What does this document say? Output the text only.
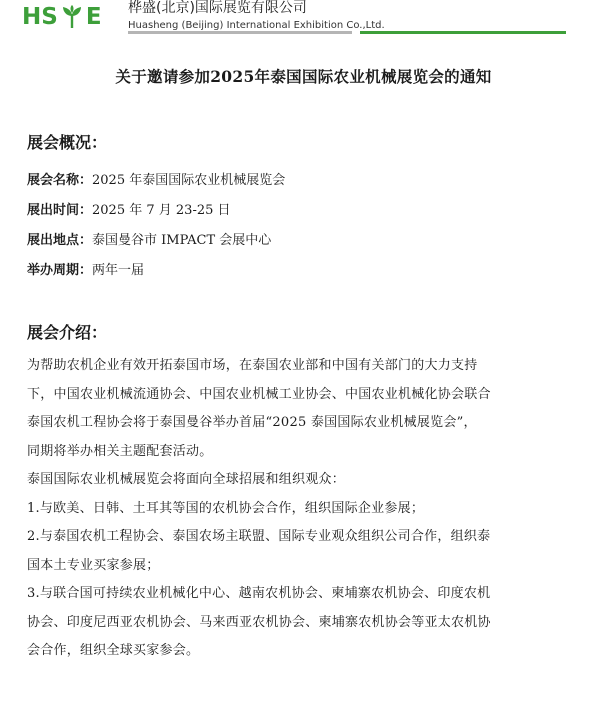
HS E 桦盛(北京)国际展览有限公司
Huasheng (Beijing) International Exhibition Co.,Ltd.
关于邀请参加2025年泰国国际农业机械展览会的通知
展会概况：
展会名称：2025 年泰国国际农业机械展览会
展出时间：2025 年 7 月 23-25 日
展出地点：泰国曼谷市 IMPACT 会展中心
举办周期：两年一届
展会介绍：
为帮助农机企业有效开拓泰国市场，在泰国农业部和中国有关部门的大力支持
下，中国农业机械流通协会、中国农业机械工业协会、中国农业机械化协会联合
泰国农机工程协会将于泰国曼谷举办首届“2025 泰国国际农业机械展览会”，
同期将举办相关主题配套活动。
泰国国际农业机械展览会将面向全球招展和组织观众：
1.与欧美、日韩、土耳其等国的农机协会合作，组织国际企业参展；
2.与泰国农机工程协会、泰国农场主联盟、国际专业观众组织公司合作，组织泰
国本土专业买家参展；
3.与联合国可持续农业机械化中心、越南农机协会、柬埔寨农机协会、印度农机
协会、印度尼西亚农机协会、马来西亚农机协会、柬埔寨农机协会等亚太农机协
会合作，组织全球买家参会。
